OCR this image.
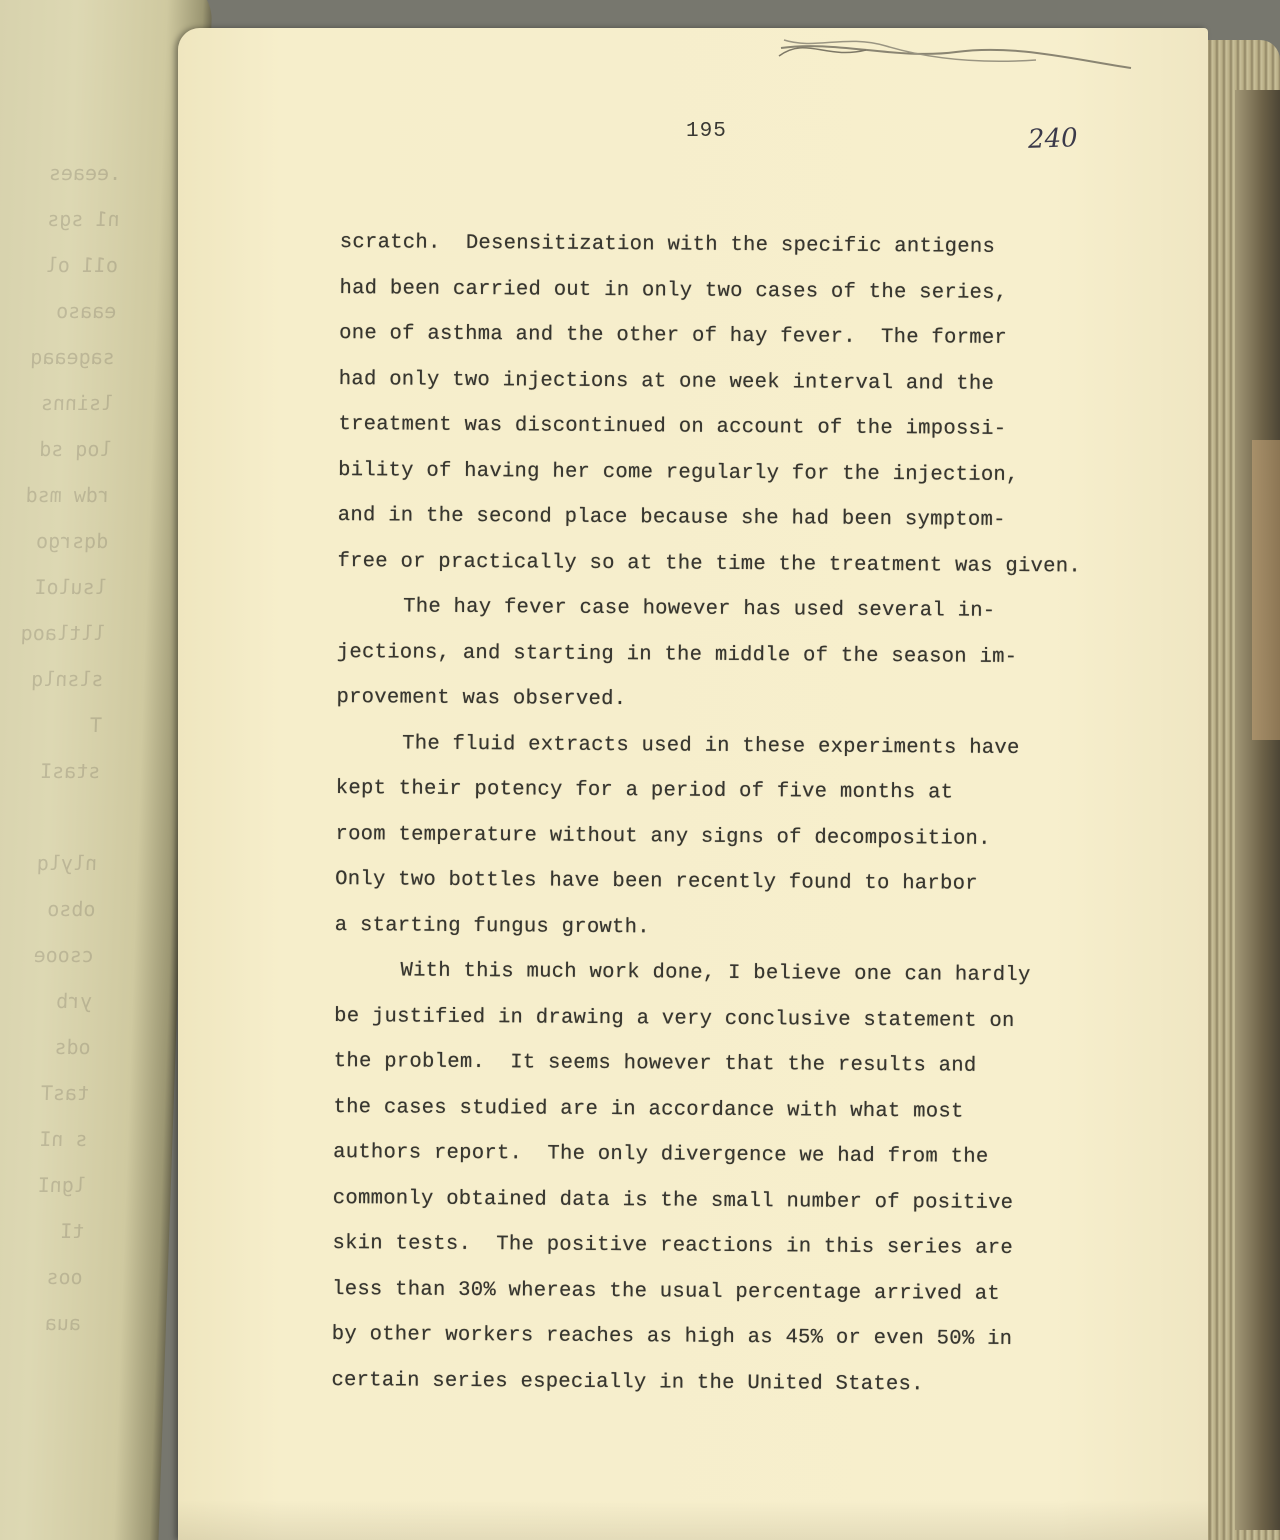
.eeaes
n1 sgs
o11 ol
eaaso
sageaaq
lsinns
loq sd
rdw msd
dqsrgo
lsuloI
lltlaoq
slsnlq
T
stasI
nlylq
obso
csooe
yrb
ods
tasT
s nI
lgnI
tI
oos
aua
195	240
scratch.  Desensitization with the specific antigens
had been carried out in only two cases of the series,
one of asthma and the other of hay fever.  The former
had only two injections at one week interval and the
treatment was discontinued on account of the impossi-
bility of having her come regularly for the injection,
and in the second place because she had been symptom-
free or practically so at the time the treatment was given.
The hay fever case however has used several in-
jections, and starting in the middle of the season im-
provement was observed.
The fluid extracts used in these experiments have
kept their potency for a period of five months at
room temperature without any signs of decomposition.
Only two bottles have been recently found to harbor
a starting fungus growth.
With this much work done, I believe one can hardly
be justified in drawing a very conclusive statement on
the problem.  It seems however that the results and
the cases studied are in accordance with what most
authors report.  The only divergence we had from the
commonly obtained data is the small number of positive
skin tests.  The positive reactions in this series are
less than 30% whereas the usual percentage arrived at
by other workers reaches as high as 45% or even 50% in
certain series especially in the United States.
